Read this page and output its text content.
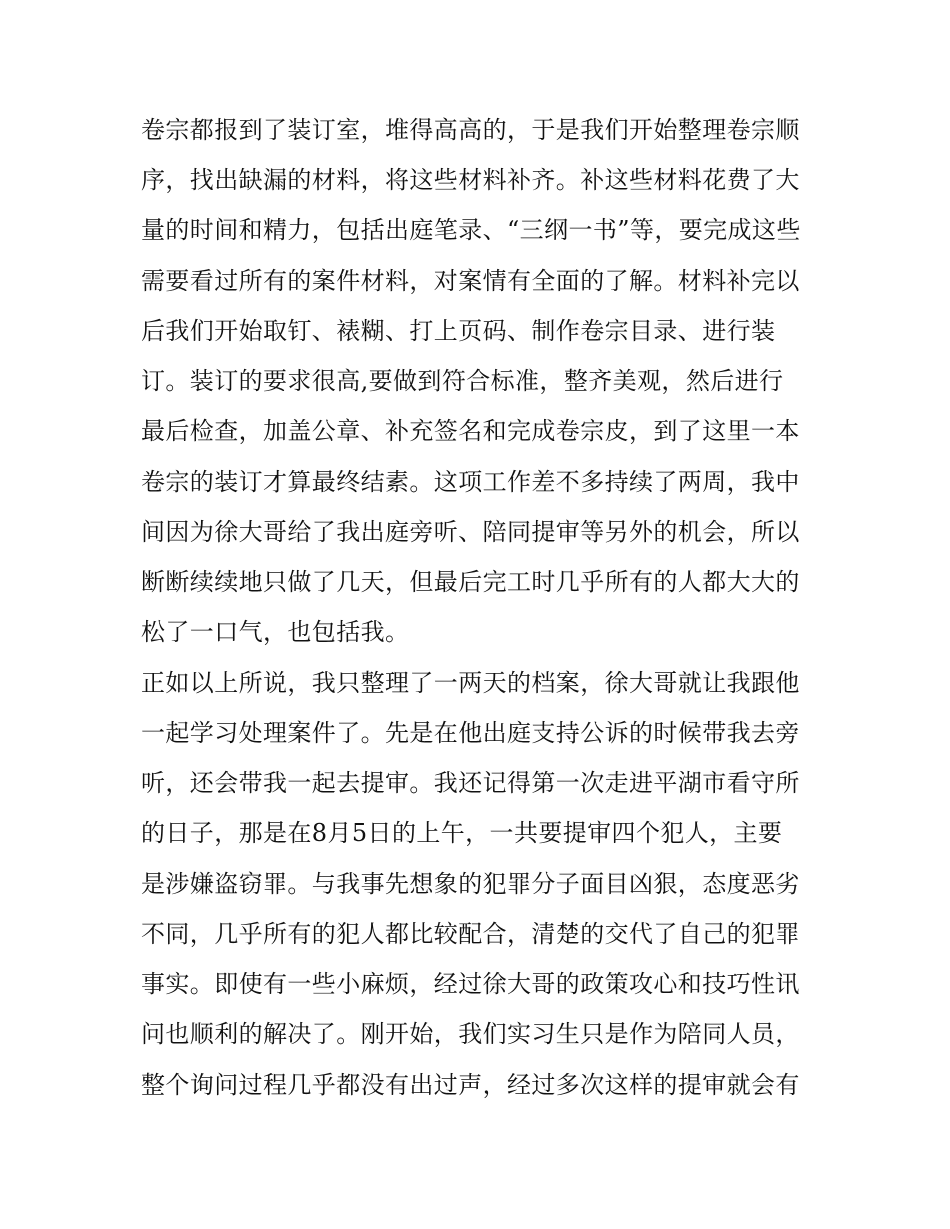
卷宗都报到了装订室，堆得高高的，于是我们开始整理卷宗顺
序，找出缺漏的材料，将这些材料补齐。补这些材料花费了大
量的时间和精力，包括出庭笔录、“三纲一书”等，要完成这些
需要看过所有的案件材料，对案情有全面的了解。材料补完以
后我们开始取钉、裱糊、打上页码、制作卷宗目录、进行装
订。装订的要求很高,要做到符合标准，整齐美观，然后进行
最后检查，加盖公章、补充签名和完成卷宗皮，到了这里一本
卷宗的装订才算最终结素。这项工作差不多持续了两周，我中
间因为徐大哥给了我出庭旁听、陪同提审等另外的机会，所以
断断续续地只做了几天，但最后完工时几乎所有的人都大大的
松了一口气，也包括我。
正如以上所说，我只整理了一两天的档案，徐大哥就让我跟他
一起学习处理案件了。先是在他出庭支持公诉的时候带我去旁
听，还会带我一起去提审。我还记得第一次走进平湖市看守所
的日子，那是在8月5日的上午，一共要提审四个犯人，主要
是涉嫌盗窃罪。与我事先想象的犯罪分子面目凶狠，态度恶劣
不同，几乎所有的犯人都比较配合，清楚的交代了自己的犯罪
事实。即使有一些小麻烦，经过徐大哥的政策攻心和技巧性讯
问也顺利的解决了。刚开始，我们实习生只是作为陪同人员，
整个询问过程几乎都没有出过声，经过多次这样的提审就会有
